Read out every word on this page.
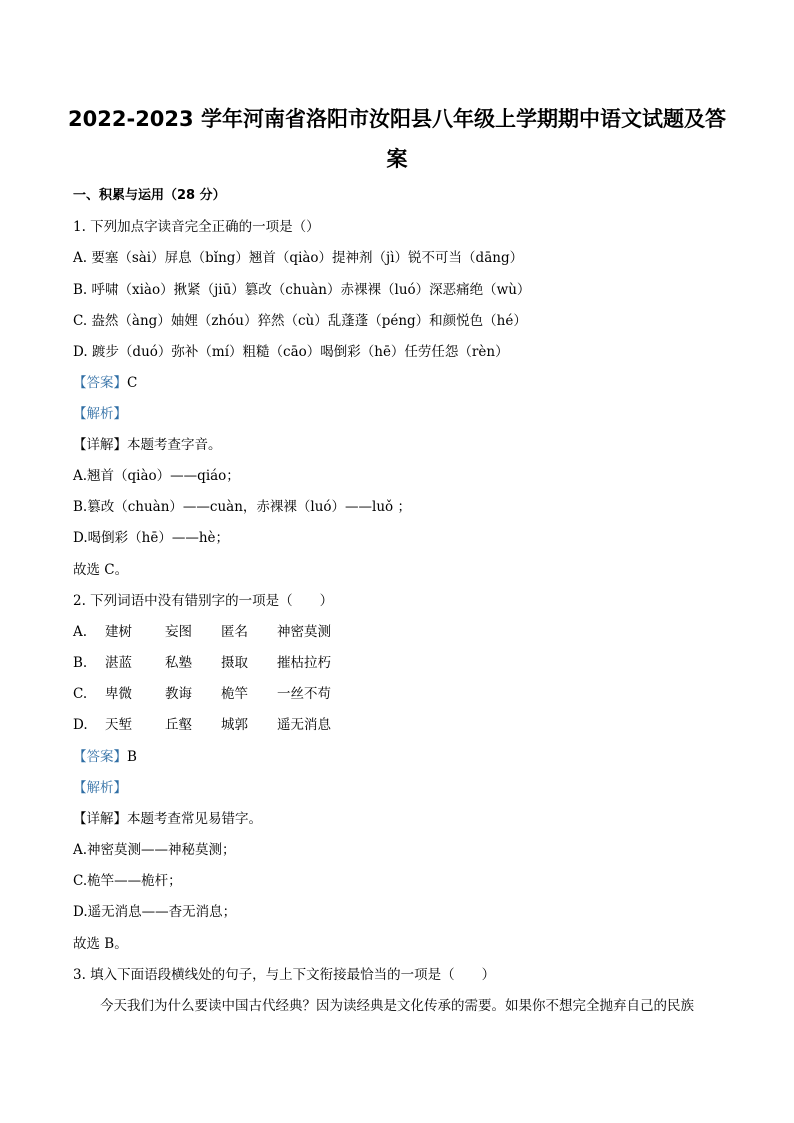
2022-2023 学年河南省洛阳市汝阳县八年级上学期期中语文试题及答
案
一、积累与运用（28 分）
1. 下列加点字读音完全正确的一项是（）
A. 要塞（sài）屏息（bǐng）翘首（qiào）提神剂（jì）锐不可当（dāng）
B. 呼啸（xiào）揪紧（jiū）篡改（chuàn）赤裸裸（luó）深恶痛绝（wù）
C. 盎然（àng）妯娌（zhóu）猝然（cù）乱蓬蓬（péng）和颜悦色（hé）
D. 踱步（duó）弥补（mí）粗糙（cāo）喝倒彩（hē）任劳任怨（rèn）
【答案】C
【解析】
【详解】本题考查字音。
A.翘首（qiào）——qiáo；
B.篡改（chuàn）——cuàn，赤裸裸（luó）——luǒ ；
D.喝倒彩（hē）——hè；
故选 C。
2. 下列词语中没有错别字的一项是（　　）
A. 建树 妄图 匿名 神密莫测
B. 湛蓝 私塾 摄取 摧枯拉朽
C. 卑微 教诲 桅竿 一丝不苟
D. 天堑 丘壑 城郭 遥无消息
【答案】B
【解析】
【详解】本题考查常见易错字。
A.神密莫测——神秘莫测；
C.桅竿——桅杆；
D.遥无消息——杳无消息；
故选 B。
3. 填入下面语段横线处的句子，与上下文衔接最恰当的一项是（　　）
今天我们为什么要读中国古代经典？因为读经典是文化传承的需要。如果你不想完全抛弃自己的民族
